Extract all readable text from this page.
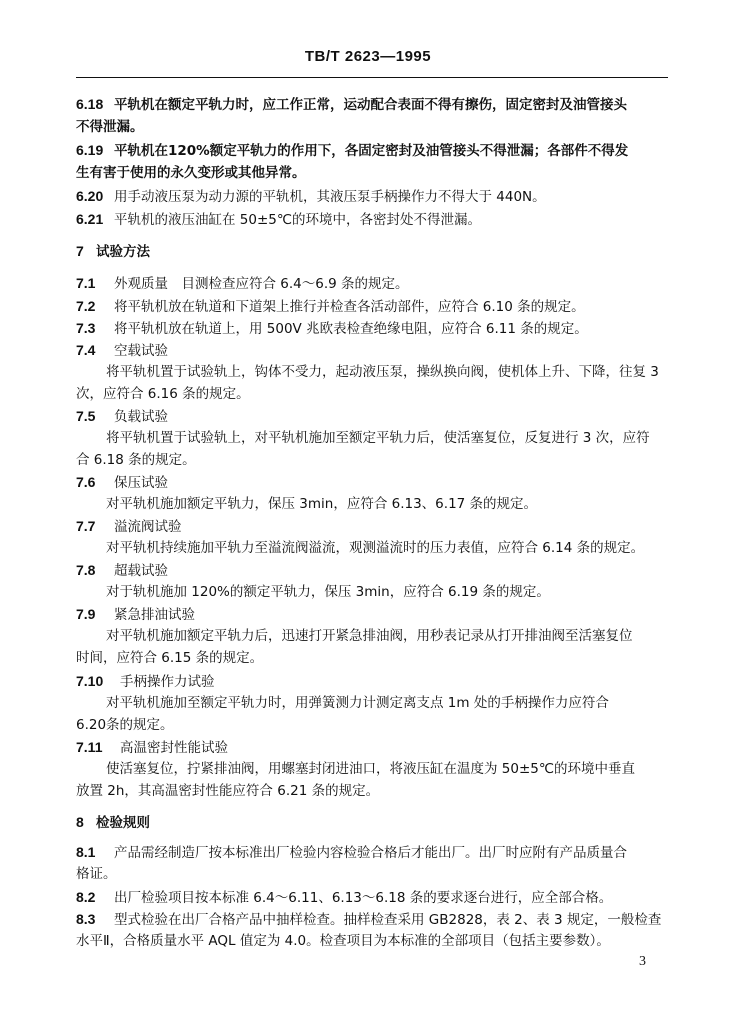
TB/T 2623—1995
6.18 平轨机在额定平轨力时，应工作正常，运动配合表面不得有擦伤，固定密封及油管接头
不得泄漏。
6.19 平轨机在120%额定平轨力的作用下，各固定密封及油管接头不得泄漏；各部件不得发
生有害于使用的永久变形或其他异常。
6.20 用手动液压泵为动力源的平轨机，其液压泵手柄操作力不得大于 440N。
6.21 平轨机的液压油缸在 50±5℃的环境中，各密封处不得泄漏。
7 试验方法
7.1 外观质量　目测检查应符合 6.4～6.9 条的规定。
7.2 将平轨机放在轨道和下道架上推行并检查各活动部件，应符合 6.10 条的规定。
7.3 将平轨机放在轨道上，用 500V 兆欧表检查绝缘电阻，应符合 6.11 条的规定。
7.4 空载试验
将平轨机置于试验轨上，钩体不受力，起动液压泵，操纵换向阀，使机体上升、下降，往复 3
次，应符合 6.16 条的规定。
7.5 负载试验
将平轨机置于试验轨上，对平轨机施加至额定平轨力后，使活塞复位，反复进行 3 次，应符
合 6.18 条的规定。
7.6 保压试验
对平轨机施加额定平轨力，保压 3min，应符合 6.13、6.17 条的规定。
7.7 溢流阀试验
对平轨机持续施加平轨力至溢流阀溢流，观测溢流时的压力表值，应符合 6.14 条的规定。
7.8 超载试验
对于轨机施加 120%的额定平轨力，保压 3min，应符合 6.19 条的规定。
7.9 紧急排油试验
对平轨机施加额定平轨力后，迅速打开紧急排油阀，用秒表记录从打开排油阀至活塞复位
时间，应符合 6.15 条的规定。
7.10 手柄操作力试验
对平轨机施加至额定平轨力时，用弹簧测力计测定离支点 1m 处的手柄操作力应符合
6.20条的规定。
7.11 高温密封性能试验
使活塞复位，拧紧排油阀，用螺塞封闭进油口，将液压缸在温度为 50±5℃的环境中垂直
放置 2h，其高温密封性能应符合 6.21 条的规定。
8 检验规则
8.1 产品需经制造厂按本标准出厂检验内容检验合格后才能出厂。出厂时应附有产品质量合
格证。
8.2 出厂检验项目按本标准 6.4～6.11、6.13～6.18 条的要求逐台进行，应全部合格。
8.3 型式检验在出厂合格产品中抽样检查。抽样检查采用 GB2828，表 2、表 3 规定，一般检查
水平Ⅱ，合格质量水平 AQL 值定为 4.0。检查项目为本标准的全部项目（包括主要参数）。
3
